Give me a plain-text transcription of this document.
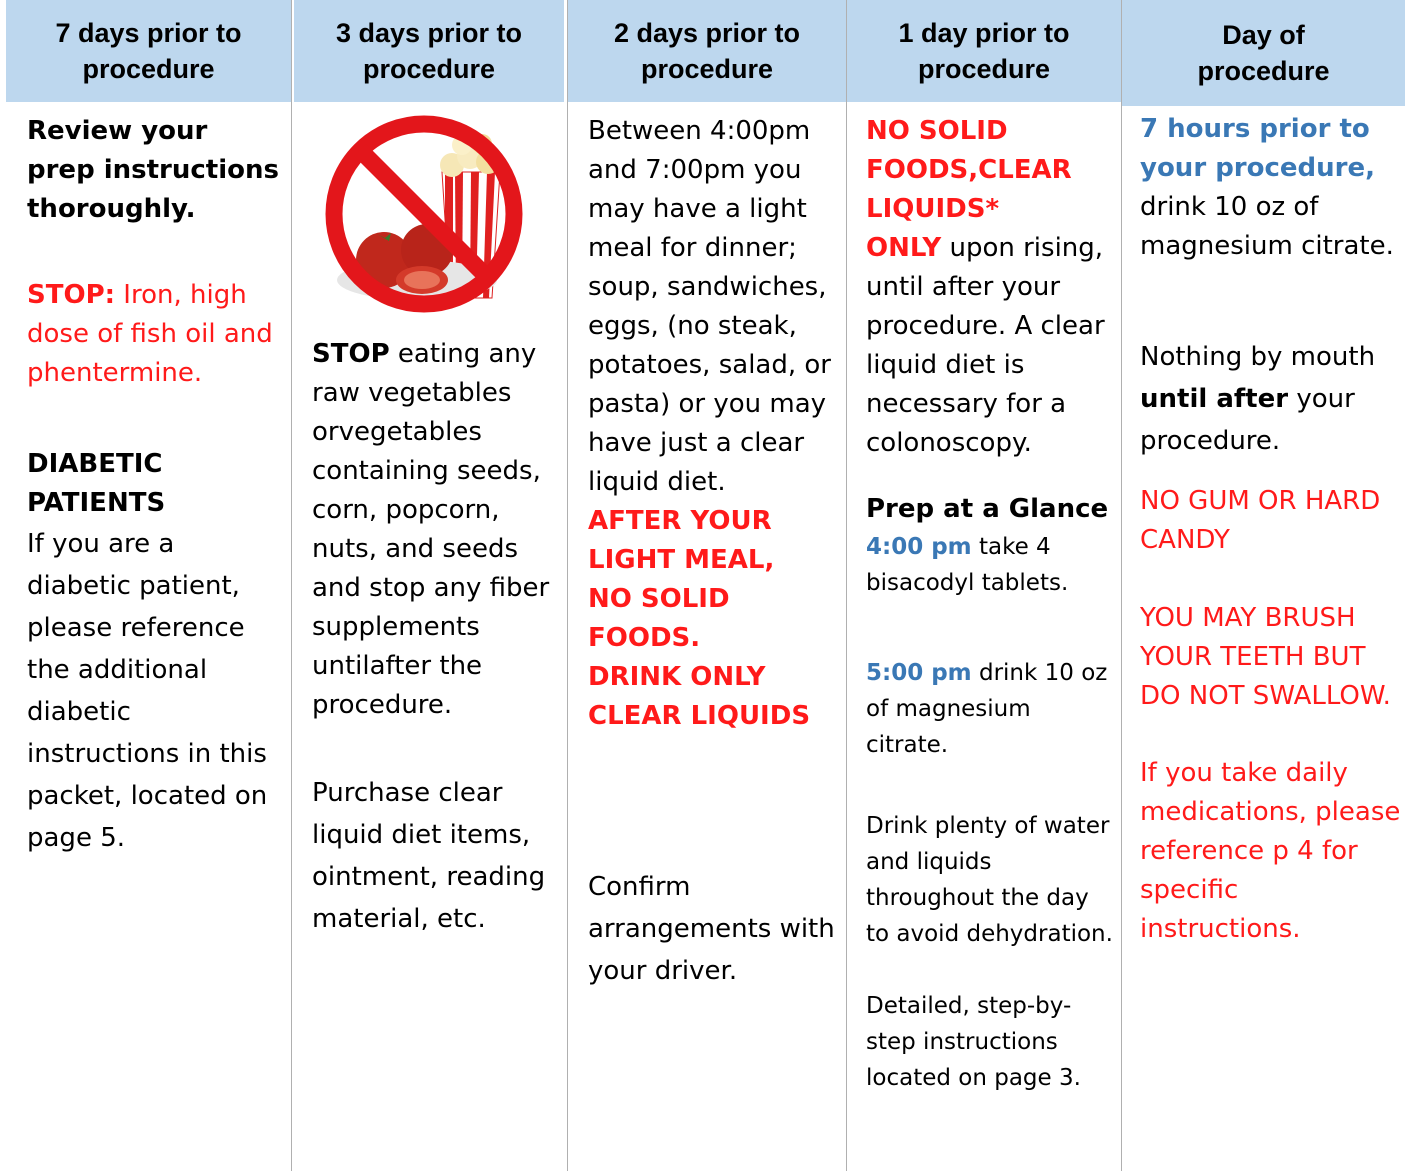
7 days prior to
procedure

Review your prep instructions thoroughly.

STOP: Iron, high dose of fish oil and phentermine.

DIABETIC PATIENTS

If you are a diabetic patient, please reference the additional diabetic instructions in this packet, located on page 5.

3 days prior to
procedure

STOP eating any raw vegetables orvegetables containing seeds, corn, popcorn, nuts, and seeds and stop any fiber supplements untilafter the procedure.

Purchase clear liquid diet items, ointment, reading material, etc.

2 days prior to
procedure

Between 4:00pm and 7:00pm you may have a light meal for dinner; soup, sandwiches, eggs, (no steak, potatoes, salad, or pasta) or you may have just a clear liquid diet.

AFTER YOUR LIGHT MEAL,

NO SOLID FOODS.

DRINK ONLY CLEAR LIQUIDS

Confirm arrangements with your driver.

1 day prior to
procedure

NO SOLID FOODS,CLEAR LIQUIDS*

ONLY upon rising, until after your procedure. A clear liquid diet is necessary for a colonoscopy.

Prep at a Glance

4:00 pm take 4 bisacodyl tablets.

5:00 pm drink 10 oz of magnesium citrate.

Drink plenty of water and liquids throughout the day to avoid dehydration.

Detailed, step-by-step instructions located on page 3.

Day of
procedure

7 hours prior to your procedure,

drink 10 oz of magnesium citrate.

Nothing by mouth until after your procedure.

NO GUM OR HARD CANDY

YOU MAY BRUSH YOUR TEETH BUT DO NOT SWALLOW.

If you take daily medications, please reference p 4 for specific instructions.
